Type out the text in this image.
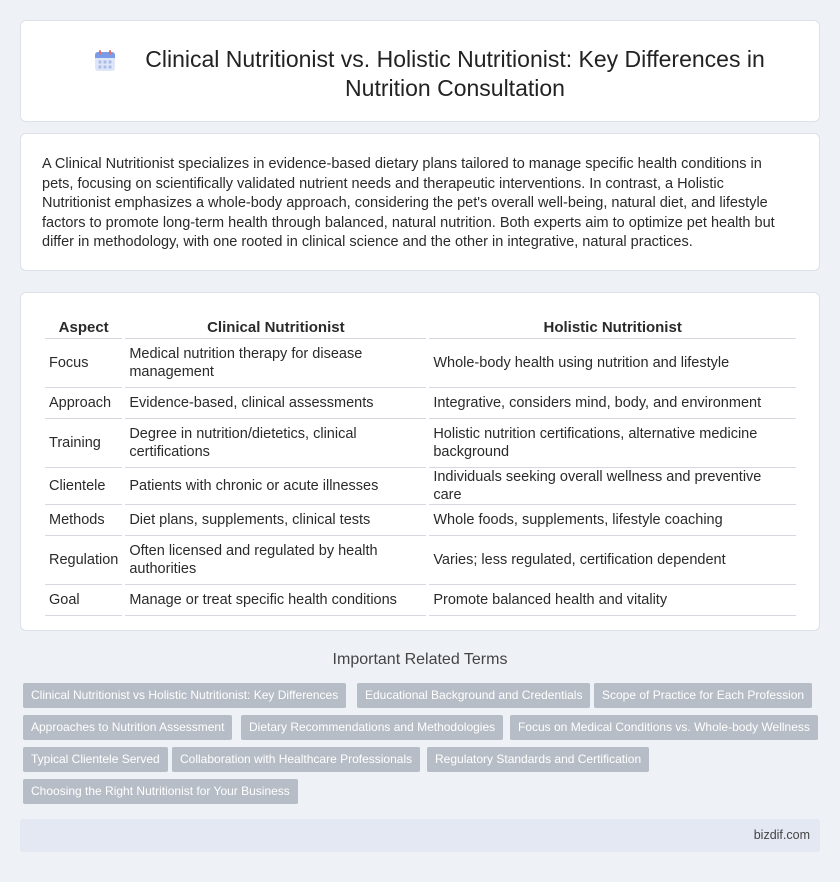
Clinical Nutritionist vs. Holistic Nutritionist: Key Differences in Nutrition Consultation

A Clinical Nutritionist specializes in evidence-based dietary plans tailored to manage specific health conditions in pets, focusing on scientifically validated nutrient needs and therapeutic interventions. In contrast, a Holistic Nutritionist emphasizes a whole-body approach, considering the pet's overall well-being, natural diet, and lifestyle factors to promote long-term health through balanced, natural nutrition. Both experts aim to optimize pet health but differ in methodology, with one rooted in clinical science and the other in integrative, natural practices.

Aspect	Clinical Nutritionist	Holistic Nutritionist
Focus	Medical nutrition therapy for disease management	Whole-body health using nutrition and lifestyle
Approach	Evidence-based, clinical assessments	Integrative, considers mind, body, and environment
Training	Degree in nutrition/dietetics, clinical certifications	Holistic nutrition certifications, alternative medicine background
Clientele	Patients with chronic or acute illnesses	Individuals seeking overall wellness and preventive care
Methods	Diet plans, supplements, clinical tests	Whole foods, supplements, lifestyle coaching
Regulation	Often licensed and regulated by health authorities	Varies; less regulated, certification dependent
Goal	Manage or treat specific health conditions	Promote balanced health and vitality
Important Related Terms
Clinical Nutritionist vs Holistic Nutritionist: Key Differences	Educational Background and Credentials	Scope of Practice for Each Profession
Approaches to Nutrition Assessment	Dietary Recommendations and Methodologies	Focus on Medical Conditions vs. Whole-body Wellness
Typical Clientele Served	Collaboration with Healthcare Professionals	Regulatory Standards and Certification
Choosing the Right Nutritionist for Your Business
bizdif.com
